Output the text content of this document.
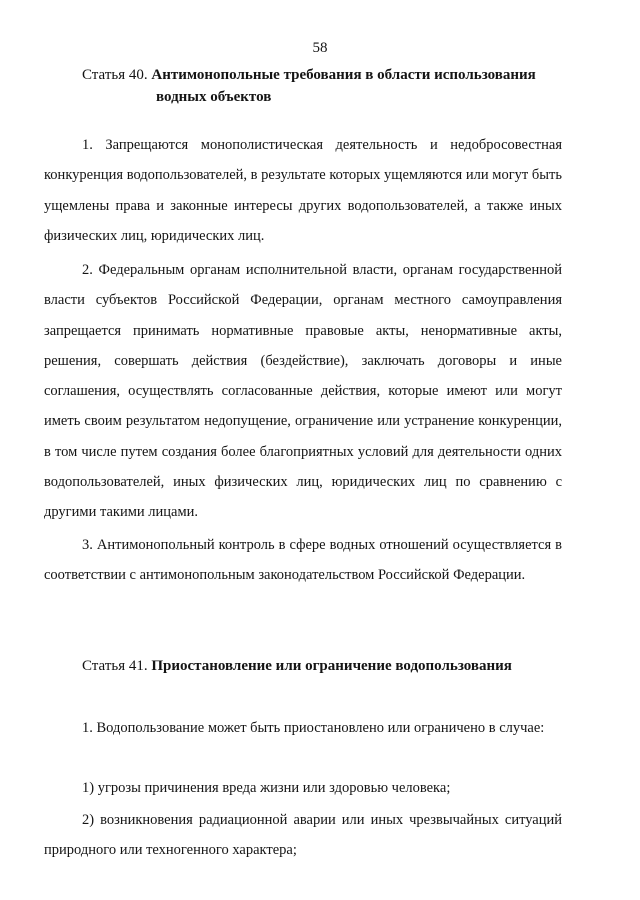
58
Статья 40. Антимонопольные требования в области использования
водных объектов

1. Запрещаются монополистическая деятельность и недобросовестная конкуренция водопользователей, в результате которых ущемляются или могут быть ущемлены права и законные интересы других водопользователей, а также иных физических лиц, юридических лиц.

2. Федеральным органам исполнительной власти, органам государственной власти субъектов Российской Федерации, органам местного самоуправления запрещается принимать нормативные правовые акты, ненормативные акты, решения, совершать действия (бездействие), заключать договоры и иные соглашения, осуществлять согласованные действия, которые имеют или могут иметь своим результатом недопущение, ограничение или устранение конкуренции, в том числе путем создания более благоприятных условий для деятельности одних водопользователей, иных физических лиц, юридических лиц по сравнению с другими такими лицами.

3. Антимонопольный контроль в сфере водных отношений осуществляется в соответствии с антимонопольным законодательством Российской Федерации.

Статья 41. Приостановление или ограничение водопользования

1. Водопользование может быть приостановлено или ограничено в случае:

1) угрозы причинения вреда жизни или здоровью человека;

2) возникновения радиационной аварии или иных чрезвычайных ситуаций природного или техногенного характера;
